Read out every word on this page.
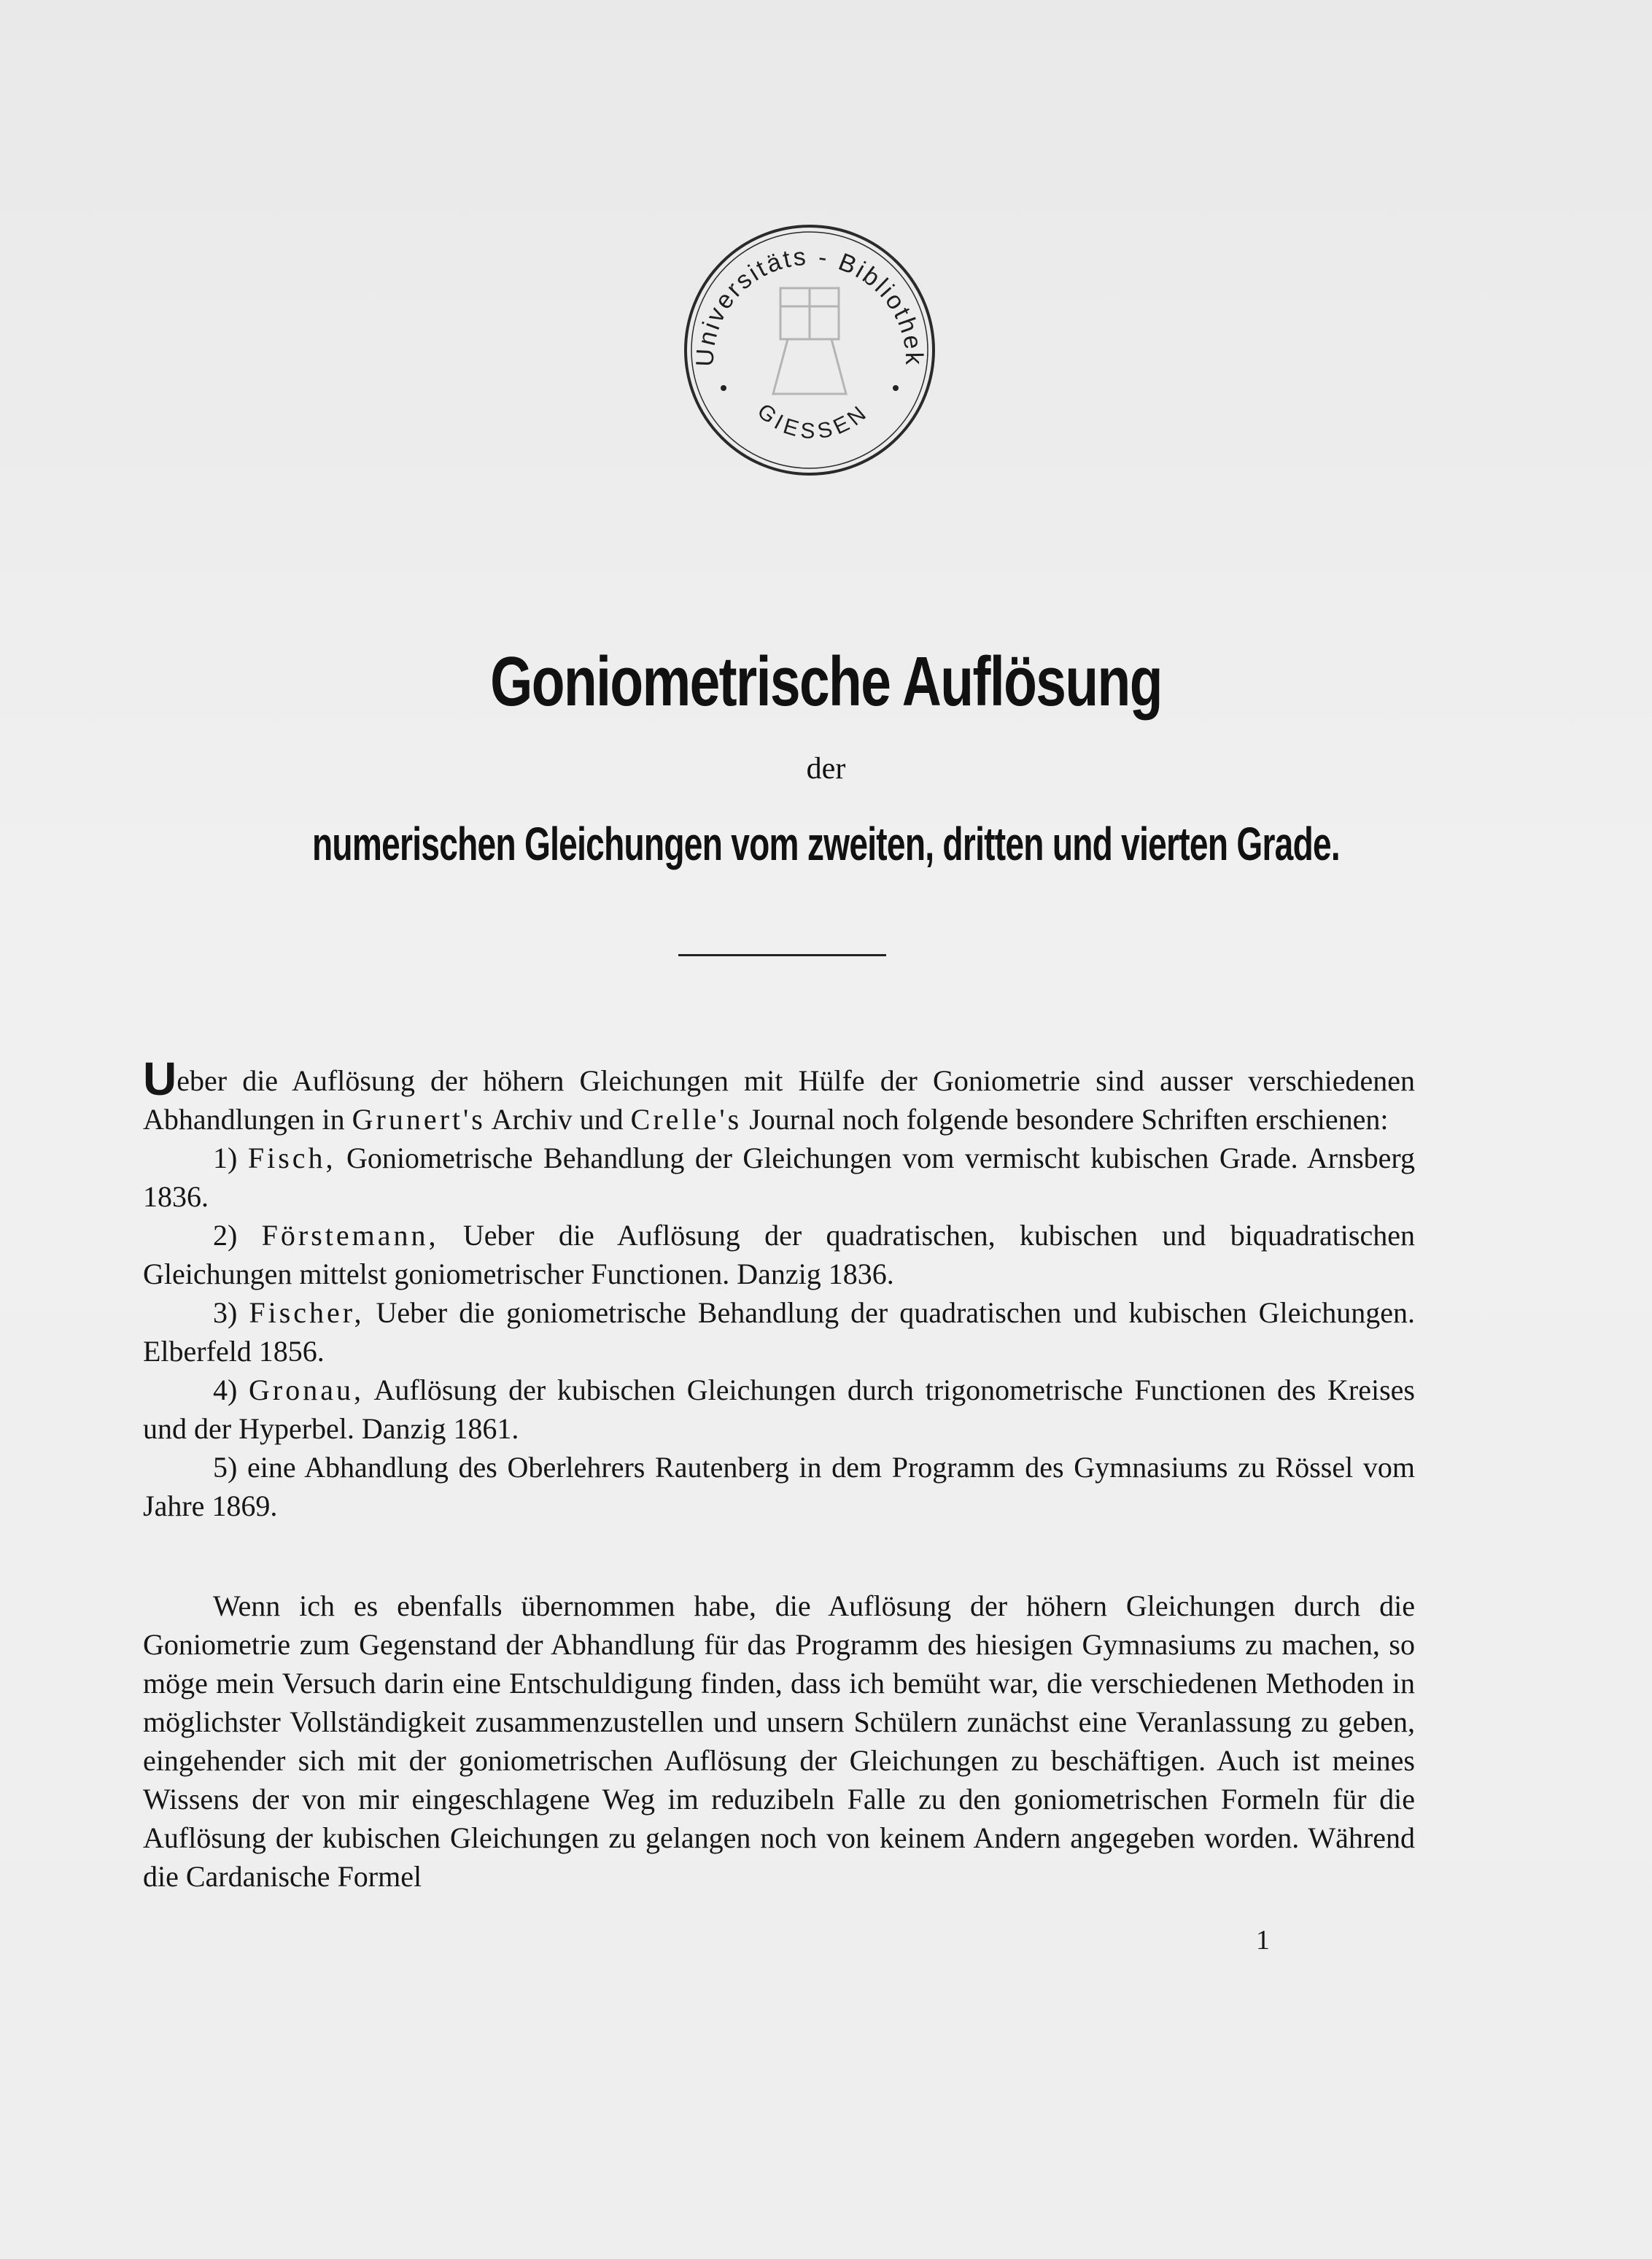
Universitäts - Bibliothek
GIESSEN
Goniometrische Auflösung
der
numerischen Gleichungen vom zweiten, dritten und vierten Grade.

Ueber die Auflösung der höhern Gleichungen mit Hülfe der Goniometrie sind ausser verschiedenen Abhandlungen in Grunert's Archiv und Crelle's Journal noch folgende besondere Schriften erschienen:

1) Fisch, Goniometrische Behandlung der Gleichungen vom vermischt kubischen Grade. Arnsberg 1836.

2) Förstemann, Ueber die Auflösung der quadratischen, kubischen und biquadratischen Gleichungen mittelst goniometrischer Functionen. Danzig 1836.

3) Fischer, Ueber die goniometrische Behandlung der quadratischen und kubischen Gleichungen. Elberfeld 1856.

4) Gronau, Auflösung der kubischen Gleichungen durch trigonometrische Functionen des Kreises und der Hyperbel. Danzig 1861.

5) eine Abhandlung des Oberlehrers Rautenberg in dem Programm des Gymnasiums zu Rössel vom Jahre 1869.

Wenn ich es ebenfalls übernommen habe, die Auflösung der höhern Gleichungen durch die Goniometrie zum Gegenstand der Abhandlung für das Programm des hiesigen Gymnasiums zu machen, so möge mein Versuch darin eine Entschuldigung finden, dass ich bemüht war, die verschiedenen Methoden in möglichster Vollständigkeit zusammenzustellen und unsern Schülern zunächst eine Veranlassung zu geben, eingehender sich mit der goniometrischen Auflösung der Gleichungen zu beschäftigen. Auch ist meines Wissens der von mir eingeschlagene Weg im reduzibeln Falle zu den goniometrischen Formeln für die Auflösung der kubischen Gleichungen zu gelangen noch von keinem Andern angegeben worden. Während die Cardanische Formel
1
